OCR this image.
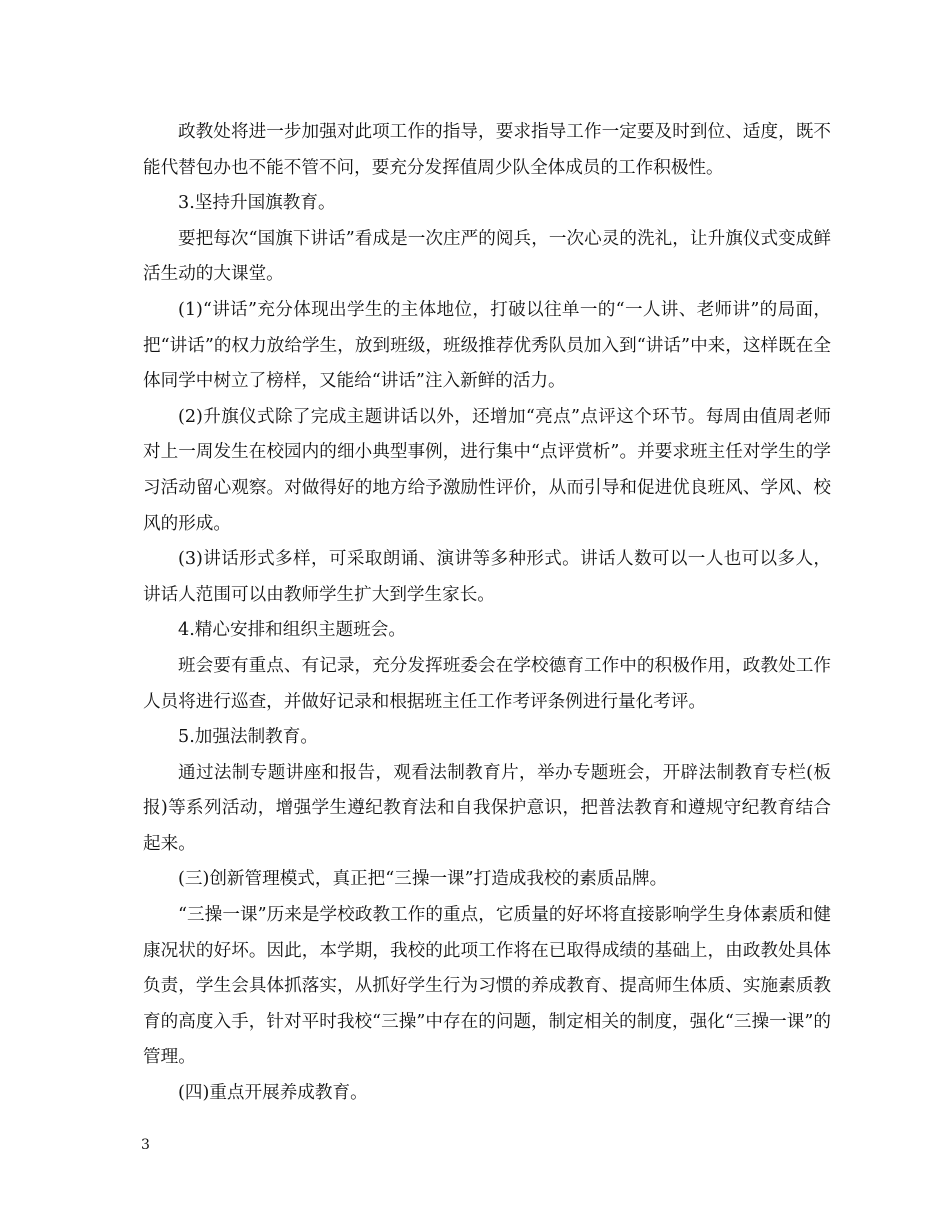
政教处将进一步加强对此项工作的指导，要求指导工作一定要及时到位、适度，既不能代替包办也不能不管不问，要充分发挥值周少队全体成员的工作积极性。

3.坚持升国旗教育。

要把每次“国旗下讲话”看成是一次庄严的阅兵，一次心灵的洗礼，让升旗仪式变成鲜活生动的大课堂。

(1)“讲话”充分体现出学生的主体地位，打破以往单一的“一人讲、老师讲”的局面，把“讲话”的权力放给学生，放到班级，班级推荐优秀队员加入到“讲话”中来，这样既在全体同学中树立了榜样，又能给“讲话”注入新鲜的活力。

(2)升旗仪式除了完成主题讲话以外，还增加“亮点”点评这个环节。每周由值周老师对上一周发生在校园内的细小典型事例，进行集中“点评赏析”。并要求班主任对学生的学习活动留心观察。对做得好的地方给予激励性评价，从而引导和促进优良班风、学风、校风的形成。

(3)讲话形式多样，可采取朗诵、演讲等多种形式。讲话人数可以一人也可以多人，讲话人范围可以由教师学生扩大到学生家长。

4.精心安排和组织主题班会。

班会要有重点、有记录，充分发挥班委会在学校德育工作中的积极作用，政教处工作人员将进行巡查，并做好记录和根据班主任工作考评条例进行量化考评。

5.加强法制教育。

通过法制专题讲座和报告，观看法制教育片，举办专题班会，开辟法制教育专栏(板报)等系列活动，增强学生遵纪教育法和自我保护意识，把普法教育和遵规守纪教育结合起来。

(三)创新管理模式，真正把“三操一课”打造成我校的素质品牌。

“三操一课”历来是学校政教工作的重点，它质量的好坏将直接影响学生身体素质和健康况状的好坏。因此，本学期，我校的此项工作将在已取得成绩的基础上，由政教处具体负责，学生会具体抓落实，从抓好学生行为习惯的养成教育、提高师生体质、实施素质教育的高度入手，针对平时我校“三操”中存在的问题，制定相关的制度，强化“三操一课”的管理。

(四)重点开展养成教育。

3
